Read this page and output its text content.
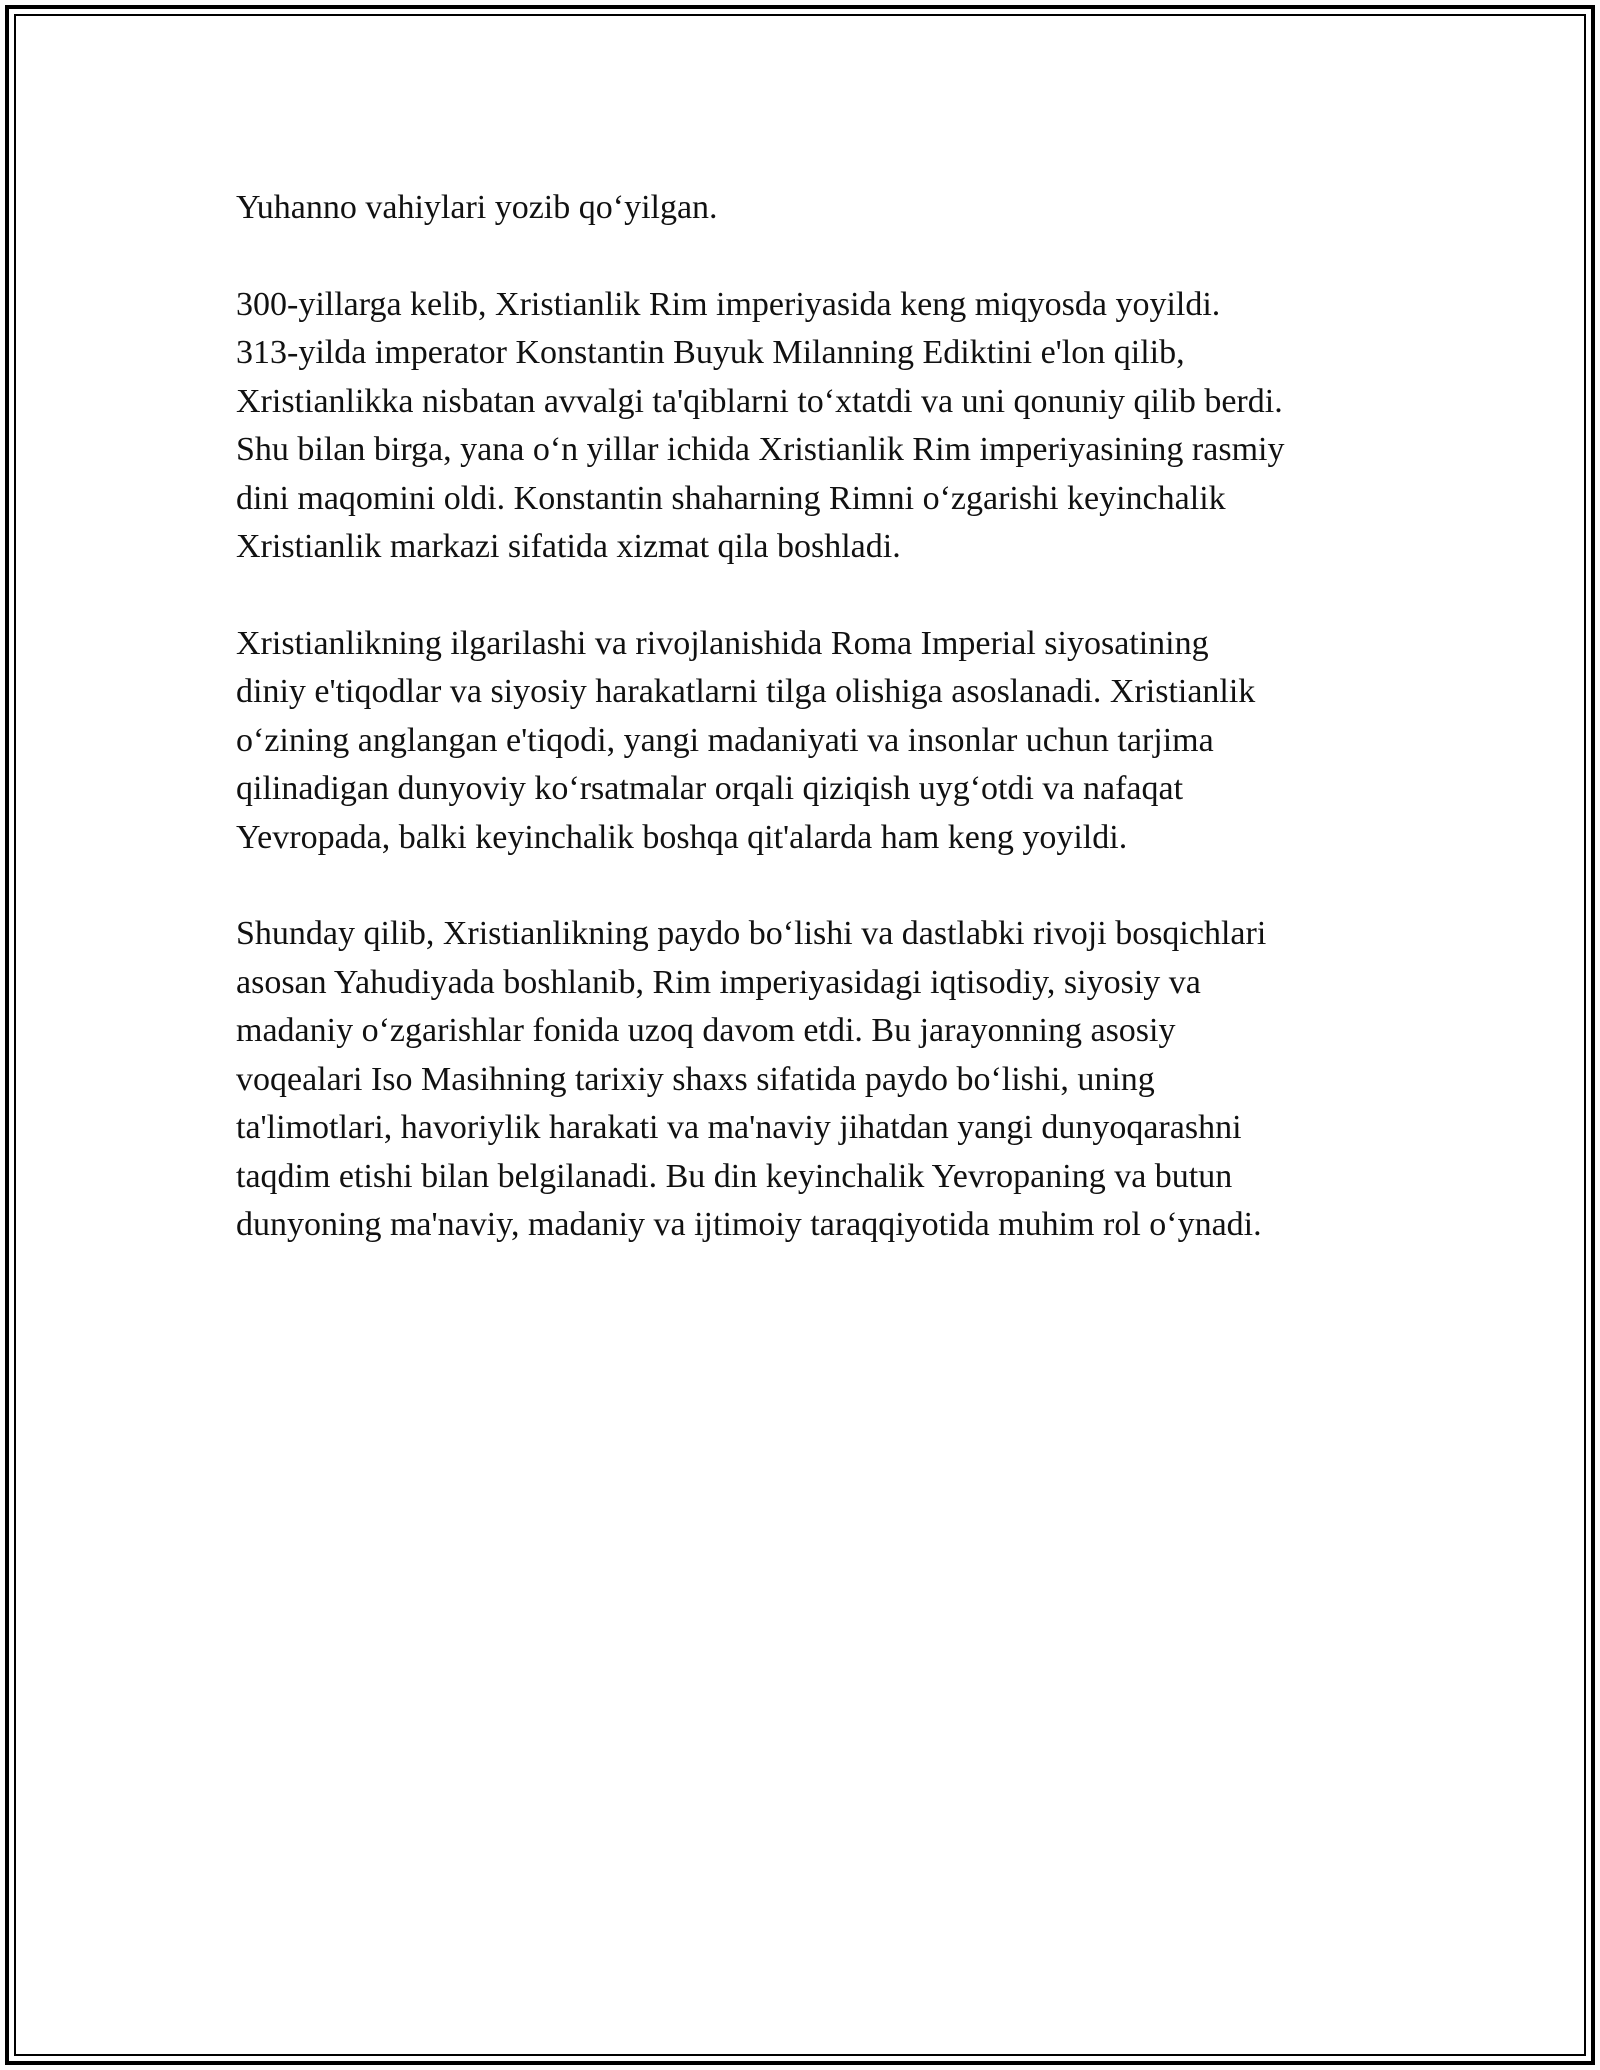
Yuhanno vahiylari yozib qo‘yilgan.

300-yillarga kelib, Xristianlik Rim imperiyasida keng miqyosda yoyildi.
313-yilda imperator Konstantin Buyuk Milanning Ediktini e'lon qilib,
Xristianlikka nisbatan avvalgi ta'qiblarni to‘xtatdi va uni qonuniy qilib berdi.
Shu bilan birga, yana o‘n yillar ichida Xristianlik Rim imperiyasining rasmiy
dini maqomini oldi. Konstantin shaharning Rimni o‘zgarishi keyinchalik
Xristianlik markazi sifatida xizmat qila boshladi.

Xristianlikning ilgarilashi va rivojlanishida Roma Imperial siyosatining
diniy e'tiqodlar va siyosiy harakatlarni tilga olishiga asoslanadi. Xristianlik
o‘zining anglangan e'tiqodi, yangi madaniyati va insonlar uchun tarjima
qilinadigan dunyoviy ko‘rsatmalar orqali qiziqish uyg‘otdi va nafaqat
Yevropada, balki keyinchalik boshqa qit'alarda ham keng yoyildi.

Shunday qilib, Xristianlikning paydo bo‘lishi va dastlabki rivoji bosqichlari
asosan Yahudiyada boshlanib, Rim imperiyasidagi iqtisodiy, siyosiy va
madaniy o‘zgarishlar fonida uzoq davom etdi. Bu jarayonning asosiy
voqealari Iso Masihning tarixiy shaxs sifatida paydo bo‘lishi, uning
ta'limotlari, havoriylik harakati va ma'naviy jihatdan yangi dunyoqarashni
taqdim etishi bilan belgilanadi. Bu din keyinchalik Yevropaning va butun
dunyoning ma'naviy, madaniy va ijtimoiy taraqqiyotida muhim rol o‘ynadi.
